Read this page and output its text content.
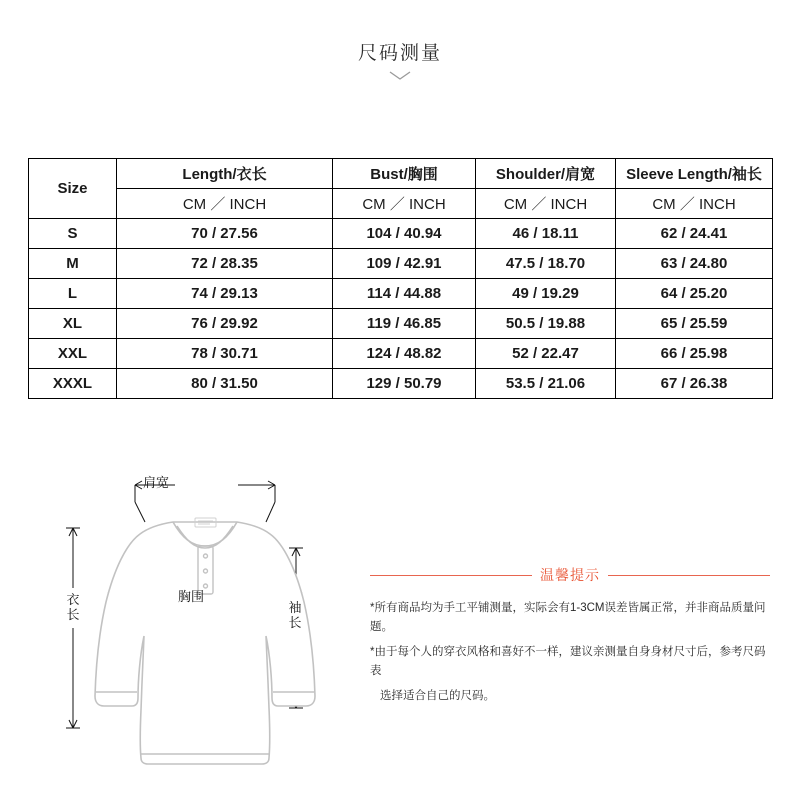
尺码测量
Size	Length/衣长	Bust/胸围	Shoulder/肩宽	Sleeve Length/袖长
	CM ／ INCH	CM ／ INCH	CM ／ INCH	CM ／ INCH
S	70 / 27.56	104 / 40.94	46 / 18.11	62 / 24.41
M	72 / 28.35	109 / 42.91	47.5 / 18.70	63 / 24.80
L	74 / 29.13	114 / 44.88	49 / 19.29	64 / 25.20
XL	76 / 29.92	119 / 46.85	50.5 / 19.88	65 / 25.59
XXL	78 / 30.71	124 / 48.82	52 / 22.47	66 / 25.98
XXXL	80 / 31.50	129 / 50.79	53.5 / 21.06	67 / 26.38
肩宽
胸围
袖长
衣长
温馨提示

*所有商品均为手工平铺测量，实际会有1-3CM误差皆属正常，并非商品质量问题。

*由于每个人的穿衣风格和喜好不一样，建议亲测量自身身材尺寸后，参考尺码表

选择适合自己的尺码。
